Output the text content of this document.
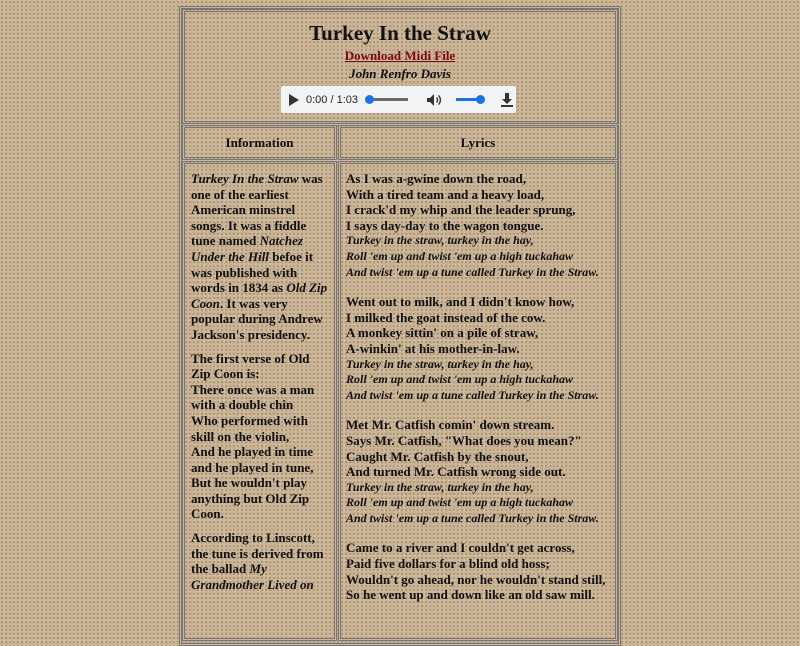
Turkey In the Straw
Download Midi File
John Renfro Davis
0:00 / 1:03
Information	Lyrics

Turkey In the Straw was one of the earliest American minstrel songs. It was a fiddle tune named Natchez Under the Hill befoe it was published with words in 1834 as Old Zip Coon. It was very popular during Andrew Jackson's presidency.

The first verse of Old Zip Coon is:
There once was a man with a double chin
Who performed with skill on the violin,
And he played in time and he played in tune,
But he wouldn't play anything but Old Zip Coon.

According to Linscott, the tune is derived from the ballad My Grandmother Lived on

As I was a-gwine down the road,
With a tired team and a heavy load,
I crack'd my whip and the leader sprung,
I says day-day to the wagon tongue.
Turkey in the straw, turkey in the hay,
Roll 'em up and twist 'em up a high tuckahaw
And twist 'em up a tune called Turkey in the Straw.
Went out to milk, and I didn't know how,
I milked the goat instead of the cow.
A monkey sittin' on a pile of straw,
A-winkin' at his mother-in-law.
Turkey in the straw, turkey in the hay,
Roll 'em up and twist 'em up a high tuckahaw
And twist 'em up a tune called Turkey in the Straw.
Met Mr. Catfish comin' down stream.
Says Mr. Catfish, "What does you mean?"
Caught Mr. Catfish by the snout,
And turned Mr. Catfish wrong side out.
Turkey in the straw, turkey in the hay,
Roll 'em up and twist 'em up a high tuckahaw
And twist 'em up a tune called Turkey in the Straw.
Came to a river and I couldn't get across,
Paid five dollars for a blind old hoss;
Wouldn't go ahead, nor he wouldn't stand still,
So he went up and down like an old saw mill.
